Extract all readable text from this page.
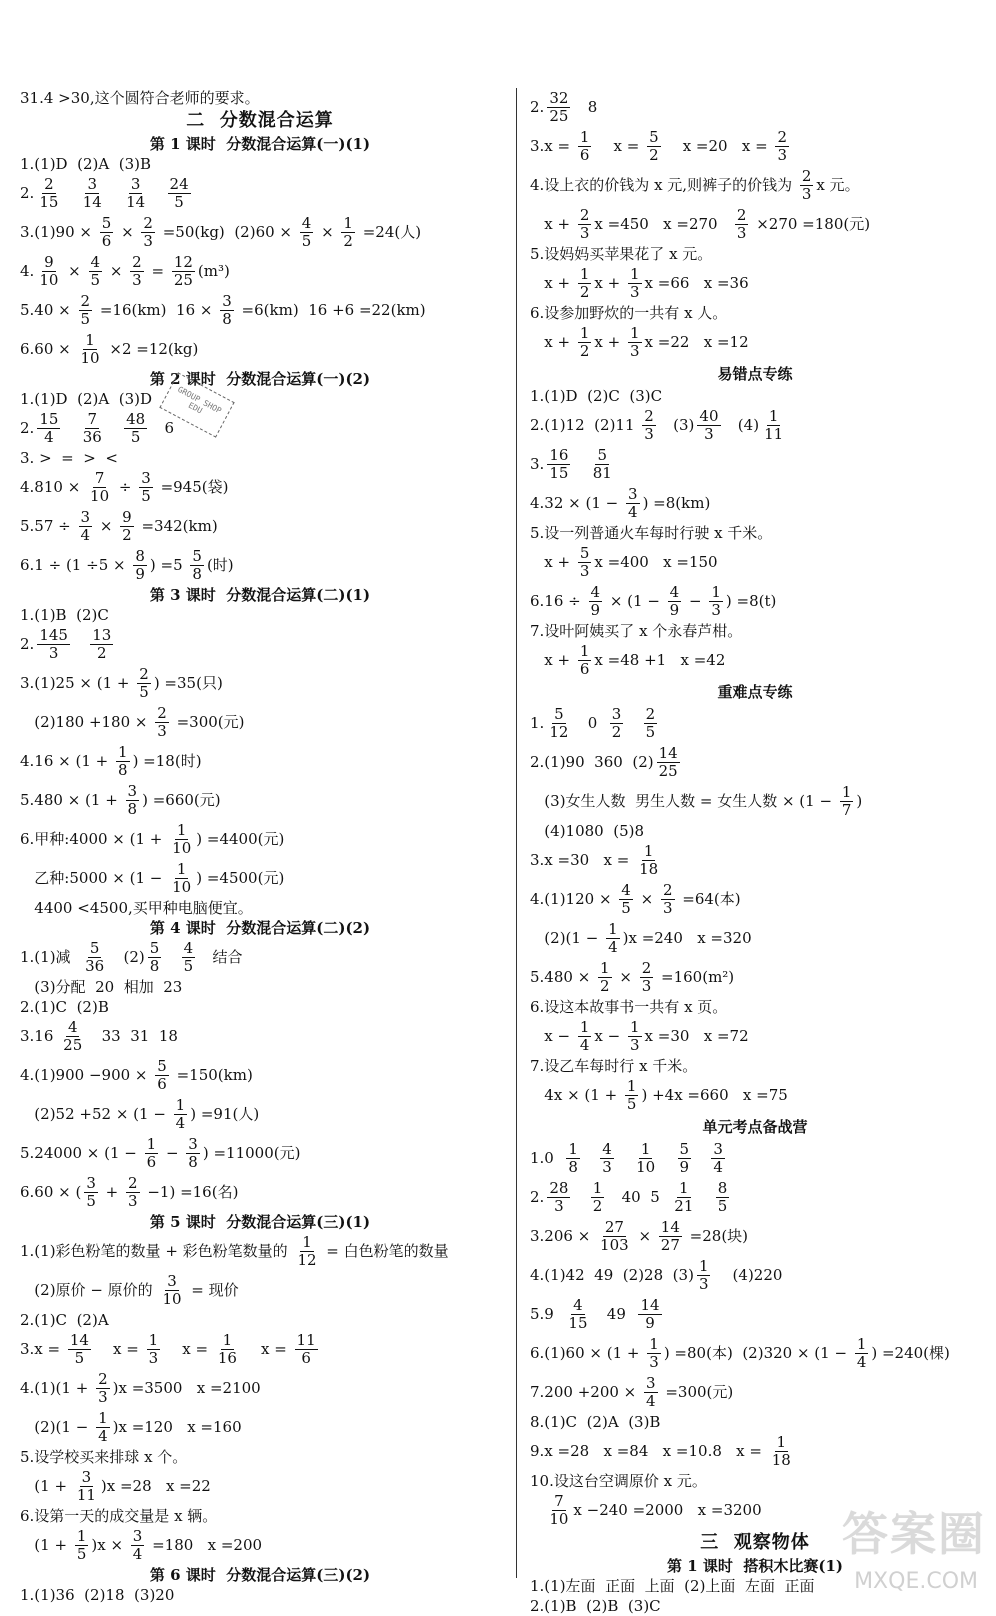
31.4 >30,这个圆符合老师的要求。
二  分数混合运算
第 1 课时  分数混合运算(一)(1)
1.(1)D  (2)A  (3)B
2. $\frac{2}{15}$
$\frac{3}{14}$
$\frac{3}{14}$
$\frac{24}{5}$
$3.(1)90 \times \frac{5}{6} \times \frac{2}{3} =50(kg) (2)60 \times \frac{4}{5} \times \frac{1}{2} =24$(人)
4. $\frac{9}{10} \times \frac{4}{5} \times \frac{2}{3} = \frac{12}{25} (m^3)$
$5.40 \times \frac{2}{5} =16(km) 16 \times \frac{3}{8} =6(km)$  16 +6 =22(km)
$6.60 \times \frac{1}{10} \times 2 =12(kg)$
第 2 课时  分数混合运算(一)(2)
1.(1)D  (2)A  (3)D
2. $\frac{15}{4}$
$\frac{7}{36}$
$\frac{48}{5} 6$
3. >  =  >  <
$4.810 \times \frac{7}{10} \div \frac{3}{5} =945$(袋)
$5.57 \div \frac{3}{4} \times \frac{9}{2} =342(km)$
$6.1 \div (1 \div 5 \times \frac{8}{9}$ ) $=5 \frac{5}{8}$ (时)
第 3 课时  分数混合运算(二)(1)
1.(1)B  (2)C
2. $\frac{145}{3}$
$\frac{13}{2}$
$3.(1)25 \times (1 + \frac{2}{5}$ ) =35(只)
$(2)180 +180 \times \frac{2}{3} =300$(元)
$4.16 \times (1 + \frac{1}{8}$ ) =18(时)
$5.480 \times (1 + \frac{3}{8}$ ) =660(元)
6.甲种:4000 × ($1 + \frac{1}{10}$ ) =4400(元)
乙种:5000 × ($1 - \frac{1}{10}$ ) =4500(元)
4400 <4500,买甲种电脑便宜。
第 4 课时  分数混合运算(二)(2)
1.(1)减 $\frac{5}{36} (2) \frac{5}{8}$
$\frac{4}{5}$ 结合
(3)分配  20  相加  23
2.(1)C  (2)B
$3.16 \frac{4}{25} 33$  31  18
$4.(1)900 -900 \times \frac{5}{6} =150(km)$
$(2)52 +52 \times (1 - \frac{1}{4}$ ) =91(人)
$5.24000 \times (1 - \frac{1}{6} - \frac{3}{8}$ ) =11000(元)
6.60 × ( $\frac{3}{5} + \frac{2}{3} -1) =16$(名)
第 5 课时  分数混合运算(三)(1)
1.(1)彩色粉笔的数量 + 彩色粉笔数量的 $\frac{1}{12}$ = 白色粉笔的数量
(2)原价 − 原价的 $\frac{3}{10}$ = 现价
2.(1)C  (2)A
$3.x = \frac{14}{5}$ $x = \frac{1}{3}$ $x = \frac{1}{16}$ $x = \frac{11}{6}$
$4.(1)(1 + \frac{2}{3} )x =3500$   x =2100
$(2)(1 - \frac{1}{4} )x =120$   x =160
5.设学校买来排球 x 个。
$(1 + \frac{3}{11} )x =28$   x =22
6.设第一天的成交量是 x 辆。
$(1 + \frac{1}{5} )x \times \frac{3}{4} =180$   x =200
第 6 课时  分数混合运算(三)(2)
1.(1)36  (2)18  (3)20
2. $\frac{32}{25} 8$
$3.x = \frac{1}{6}$ $x = \frac{5}{2}$ x =20   $x = \frac{2}{3}$
4.设上衣的价钱为 x 元,则裤子的价钱为 $\frac{2}{3}$ x 元。
$x + \frac{2}{3}$ x =450   $x =270 \frac{2}{3} \times 270 =180$(元)
5.设妈妈买苹果花了 x 元。
$x + \frac{1}{2}$ $x + \frac{1}{3}$ x =66   x =36
6.设参加野炊的一共有 x 人。
$x + \frac{1}{2}$ $x + \frac{1}{3}$ x =22   x =12
易错点专练
1.(1)D  (2)C  (3)C
2.(1)12  $(2)11 \frac{2}{3} (3) \frac{40}{3} (4) \frac{1}{11}$
3. $\frac{16}{15}$
$\frac{5}{81}$
$4.32 \times (1 - \frac{3}{4}$ ) =8(km)
5.设一列普通火车每时行驶 x 千米。
$x + \frac{5}{3}$ x =400   x =150
$6.16 \div \frac{4}{9} \times (1 - \frac{4}{9} - \frac{1}{3}$ ) =8(t)
7.设叶阿姨买了 x 个永春芦柑。
$x + \frac{1}{6}$ x =48 +1   x =42
重难点专练
1. $\frac{5}{12} 0 \frac{3}{2}$
$\frac{2}{5}$
2.(1)90  360  $(2) \frac{14}{25}$
(3)女生人数  男生人数 = 女生人数 × ($1 - \frac{1}{7}$ )
(4)1080  (5)8
3.x =30   $x = \frac{1}{18}$
$4.(1)120 \times \frac{4}{5} \times \frac{2}{3} =64$(本)
$(2)(1 - \frac{1}{4} )x =240$   x =320
$5.480 \times \frac{1}{2} \times \frac{2}{3} =160(m^2)$
6.设这本故事书一共有 x 页。
$x - \frac{1}{4}$ $x - \frac{1}{3}$ x =30   x =72
7.设乙车每时行 x 千米。
$4x \times (1 + \frac{1}{5}$ ) +4x =660   x =75
单元考点备战营
$1.0 \frac{1}{8}$
$\frac{4}{3}$
$\frac{1}{10}$
$\frac{5}{9}$
$\frac{3}{4}$
2. $\frac{28}{3}$
$\frac{1}{2} 40$  $5 \frac{1}{21}$
$\frac{8}{5}$
$3.206 \times \frac{27}{103} \times \frac{14}{27} =28$(块)
4.(1)42  49  (2)28  $(3) \frac{1}{3} (4)220$
$5.9 \frac{4}{15} 49 \frac{14}{9}$
$6.(1)60 \times (1 + \frac{1}{3}$ ) =80(本)  $(2)320 \times (1 - \frac{1}{4}$ ) =240(棵)
$7.200 +200 \times \frac{3}{4} =300$(元)
8.(1)C  (2)A  (3)B
9.x =28   x =84   x =10.8   $x = \frac{1}{18}$
10.设这台空调原价 x 元。

$\frac{7}{10}$ x −240 =2000   x =3200
三  观察物体
第 1 课时  搭积木比赛(1)
1.(1)左面  正面  上面  (2)上面  左面  正面
2.(1)B  (2)B  (3)C
GROUP SHOP EDU
答案圈
MXQE.COM
